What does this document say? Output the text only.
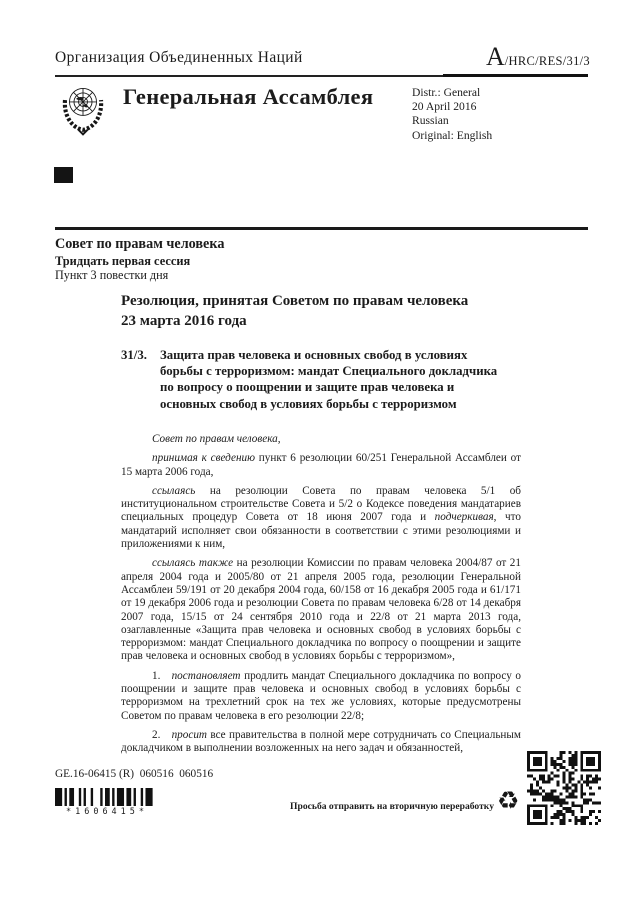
Организация Объединенных Наций	A/HRC/RES/31/3
Генеральная Ассамблея	Distr.: General
20 April 2016
Russian
Original: English
Совет по правам человека
Тридцать первая сессия
Пункт 3 повестки дня
Резолюция, принятая Советом по правам человека
23 марта 2016 года
31/3.	Защита прав человека и основных свобод в условиях борьбы с терроризмом: мандат Специального докладчика по вопросу о поощрении и защите прав человека и основных свобод в условиях борьбы с терроризмом

Совет по правам человека,

принимая к сведению пункт 6 резолюции 60/251 Генеральной Ассамблеи от 15 марта 2006 года,

ссылаясь на резолюции Совета по правам человека 5/1 об институциональном строительстве Совета и 5/2 о Кодексе поведения мандатариев специальных процедур Совета от 18 июня 2007 года и подчеркивая, что мандатарий исполняет свои обязанности в соответствии с этими резолюциями и приложениями к ним,

ссылаясь также на резолюции Комиссии по правам человека 2004/87 от 21 апреля 2004 года и 2005/80 от 21 апреля 2005 года, резолюции Генеральной Ассамблеи 59/191 от 20 декабря 2004 года, 60/158 от 16 декабря 2005 года и 61/171 от 19 декабря 2006 года и резолюции Совета по правам человека 6/28 от 14 декабря 2007 года, 15/15 от 24 сентября 2010 года и 22/8 от 21 марта 2013 года, озаглавленные «Защита прав человека и основных свобод в условиях борьбы с терроризмом: мандат Специального докладчика по вопросу о поощрении и защите прав человека и основных свобод в условиях борьбы с терроризмом»,

1. постановляет продлить мандат Специального докладчика по вопросу о поощрении и защите прав человека и основных свобод в условиях борьбы с терроризмом на трехлетний срок на тех же условиях, которые предусмотрены Советом по правам человека в его резолюции 22/8;

2. просит все правительства в полной мере сотрудничать со Специальным докладчиком в выполнении возложенных на него задач и обязанностей,

GE.16-06415 (R)  060516  060516
*1606415*	Просьба отправить на вторичную переработку ♻
